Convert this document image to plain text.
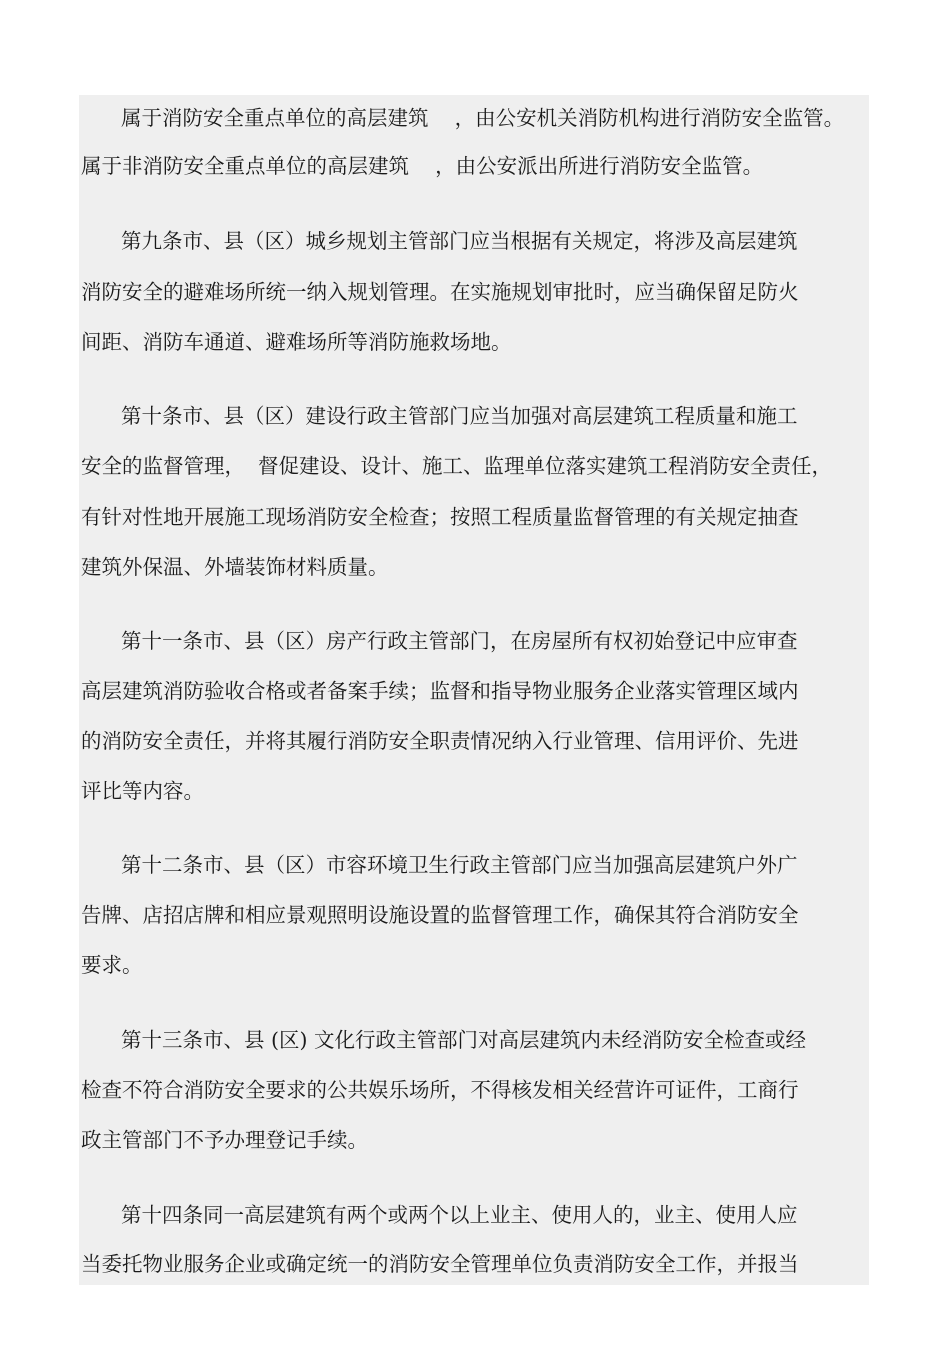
属于消防安全重点单位的高层建筑    ，由公安机关消防机构进行消防安全监管。
属于非消防安全重点单位的高层建筑    ，由公安派出所进行消防安全监管。
第九条市、县（区）城乡规划主管部门应当根据有关规定，将涉及高层建筑
消防安全的避难场所统一纳入规划管理。在实施规划审批时，应当确保留足防火
间距、消防车通道、避难场所等消防施救场地。
第十条市、县（区）建设行政主管部门应当加强对高层建筑工程质量和施工
安全的监督管理，  督促建设、设计、施工、监理单位落实建筑工程消防安全责任，
有针对性地开展施工现场消防安全检查；按照工程质量监督管理的有关规定抽查
建筑外保温、外墙装饰材料质量。
第十一条市、县（区）房产行政主管部门，在房屋所有权初始登记中应审查
高层建筑消防验收合格或者备案手续；监督和指导物业服务企业落实管理区域内
的消防安全责任，并将其履行消防安全职责情况纳入行业管理、信用评价、先进
评比等内容。
第十二条市、县（区）市容环境卫生行政主管部门应当加强高层建筑户外广
告牌、店招店牌和相应景观照明设施设置的监督管理工作，确保其符合消防安全
要求。
第十三条市、县 (区) 文化行政主管部门对高层建筑内未经消防安全检查或经
检查不符合消防安全要求的公共娱乐场所，不得核发相关经营许可证件，工商行
政主管部门不予办理登记手续。
第十四条同一高层建筑有两个或两个以上业主、使用人的，业主、使用人应
当委托物业服务企业或确定统一的消防安全管理单位负责消防安全工作，并报当
